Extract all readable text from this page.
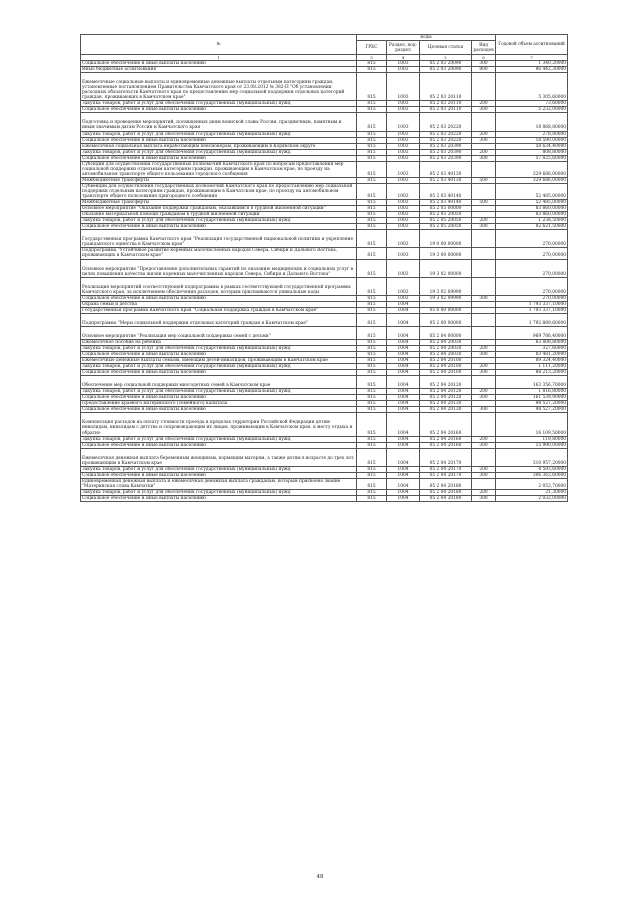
№	коды				Годовой объем ассигнований
	ГРБС	Раздел, под-раздел	Целевая статья	Вид расходов	
1	3	4	5	6	7
Социальное обеспечение и иные выплаты населению	815	1003	05 2 03 20090	300	1 340,20000
Иные бюджетные ассигнования	815	1003	05 2 03 20090	800	86 442,30000
Ежемесячные социальные выплаты и единовременные денежные выплаты отдельным категориям граждан, установленные постановлением Правительства Камчатского края от 23.08.2012 № 382-П "Об установлении расходных обязательств Камчатского края по предоставлению мер социальной поддержки отдельных категорий граждан, проживающих в Камчатском крае"	815	1003	05 2 03 20110		5 305,60000
Закупка товаров, работ и услуг для обеспечения государственных (муниципальных) нужд	815	1003	05 2 03 20110	200	73,60000
Социальное обеспечение и иные выплаты населению	815	1003	05 2 03 20110	300	5 232,00000
Подготовка и проведение мероприятий, посвященных дням воинской славы России, праздничным, памятным и иным значимым датам России и Камчатского края	815	1003	05 2 03 20220		18 868,80000
Закупка товаров, работ и услуг для обеспечения государственных (муниципальных) нужд	815	1003	05 2 03 20220	200	278,80000
Социальное обеспечение и иные выплаты населению	815	1003	05 2 03 20220	300	18 590,00000
Ежемесячная социальная выплата неработающим пенсионерам, проживающим в Корякском округе	815	1003	05 2 03 20390		58 634,40000
Закупка товаров, работ и услуг для обеспечения государственных (муниципальных) нужд	815	1003	05 2 03 20390	200	808,80000
Социальное обеспечение и иные выплаты населению	815	1003	05 2 03 20390	300	57 825,60000
Субсидии для осуществления государственных полномочий Камчатского края по вопросам предоставления мер социальной поддержки отдельным категориям граждан, проживающим в Камчатском крае, по проезду на автомобильном транспорте общего пользования городского сообщения	815	1003	05 2 03 40130		329 686,00000
Межбюджетные трансферты	815	1003	05 2 03 40130	500	329 686,00000
Субвенции для осуществления государственных полномочий Камчатского края по предоставлению мер социальной поддержки отдельным категориям граждан, проживающим в Камчатском крае, по проезду на автомобильном транспорте общего пользования пригородного сообщения	815	1003	05 2 03 40140		52 485,00000
Межбюджетные трансферты	815	1003	05 2 03 40140	500	52 485,00000
Основное мероприятие "Оказание поддержки гражданам, оказавшимся в трудной жизненной ситуации"	815	1003	05 2 05 00000		83 860,00000
Оказание материальной помощи гражданам в трудной жизненной ситуации	815	1003	05 2 05 20050		83 860,00000
Закупка товаров, работ и услуг для обеспечения государственных (муниципальных) нужд	815	1003	05 2 05 20050	200	1 238,50000
Социальное обеспечение и иные выплаты населению	815	1003	05 2 05 20050	300	82 621,50000
Государственная программа Камчатского края "Реализация государственной национальной политики и укрепление гражданского единства в Камчатском крае"	815	1003	19 0 00 00000		270,00000
Подпрограмма "Устойчивое развитие коренных малочисленных народов Севера, Сибири и Дальнего Востока, проживающих в Камчатском крае"	815	1003	19 3 00 00000		270,00000
Основное мероприятие "Предоставление дополнительных гарантий по оказанию медицинских и социальных услуг в целях повышения качества жизни коренных малочисленных народов Севера, Сибири и Дальнего Востока"	815	1003	19 3 02 00000		270,00000
Реализация мероприятий соответствующей подпрограммы в рамках соответствующей государственной программы Камчатского края, за исключением обеспечения расходов, которым присваиваются уникальные коды	815	1003	19 3 02 09990		270,00000
Социальное обеспечение и иные выплаты населению	815	1003	19 3 02 09990	300	270,00000
Охрана семьи и детства	815	1004			1 793 337,10000
Государственная программа Камчатского края "Социальная поддержка граждан в Камчатском крае"	815	1004	05 0 00 00000		1 793 337,10000
Подпрограмма "Меры социальной поддержки отдельных категорий граждан в Камчатском крае"	815	1004	05 2 00 00000		1 792 889,60000
Основное мероприятие "Реализация мер социальной поддержки семей с детьми"	815	1004	05 2 04 00000		969 786,40000
Ежемесячное пособие на ребенка	815	1004	05 2 04 20030		83 808,80000
Закупка товаров, работ и услуг для обеспечения государственных (муниципальных) нужд	815	1004	05 2 04 20030	200	327,60000
Социальное обеспечение и иные выплаты населению	815	1004	05 2 04 20030	300	83 481,20000
Ежемесячные денежные выплаты семьям, имеющим детей-инвалидов, проживающим в Камчатском крае	815	1004	05 2 04 20100		89 324,40000
Закупка товаров, работ и услуг для обеспечения государственных (муниципальных) нужд	815	1004	05 2 04 20100	200	1 111,20000
Социальное обеспечение и иные выплаты населению	815	1004	05 2 04 20100	300	88 213,20000
Обеспечение мер социальной поддержки многодетных семей в Камчатском крае	815	1004	05 2 04 20120		163 356,70000
Закупка товаров, работ и услуг для обеспечения государственных (муниципальных) нужд	815	1004	05 2 04 20120	200	1 816,80000
Социальное обеспечение и иные выплаты населению	815	1004	05 2 04 20120	300	161 539,90000
Предоставление краевого материнского (семейного) капитала	815	1004	05 2 04 20130		98 527,20000
Социальное обеспечение и иные выплаты населению	815	1004	05 2 04 20130	300	98 527,20000
Компенсация расходов на оплату стоимости проезда в пределах территории Российской Федерации детям-инвалидам, инвалидам с детства и сопровождающим их лицам, проживающим в Камчатском крае, к месту отдыха и обратно	815	1004	05 2 04 20160		16 109,50000
Закупка товаров, работ и услуг для обеспечения государственных (муниципальных) нужд	815	1004	05 2 04 20160	200	119,80000
Социальное обеспечение и иные выплаты населению	815	1004	05 2 04 20160	300	15 990,00000
Ежемесячная денежная выплата беременным женщинам, кормящим матерям, а также детям в возрасте до трех лет, проживающим в Камчатском крае	815	1004	05 2 04 20170		310 957,20000
Закупка товаров, работ и услуг для обеспечения государственных (муниципальных) нужд	815	1004	05 2 04 20170	200	4 593,60000
Социальное обеспечение и иные выплаты населению	815	1004	05 2 04 20170	300	306 363,60000
Единовременная денежная выплата и ежемесячная денежная выплата гражданам, которым присвоено звание "Материнская слава Камчатки"	815	1004	05 2 04 20180		2 053,70000
Закупка товаров, работ и услуг для обеспечения государственных (муниципальных) нужд	815	1004	05 2 04 20180	200	21,30000
Социальное обеспечение и иные выплаты населению	815	1004	05 2 04 20180	300	2 032,00000
48
